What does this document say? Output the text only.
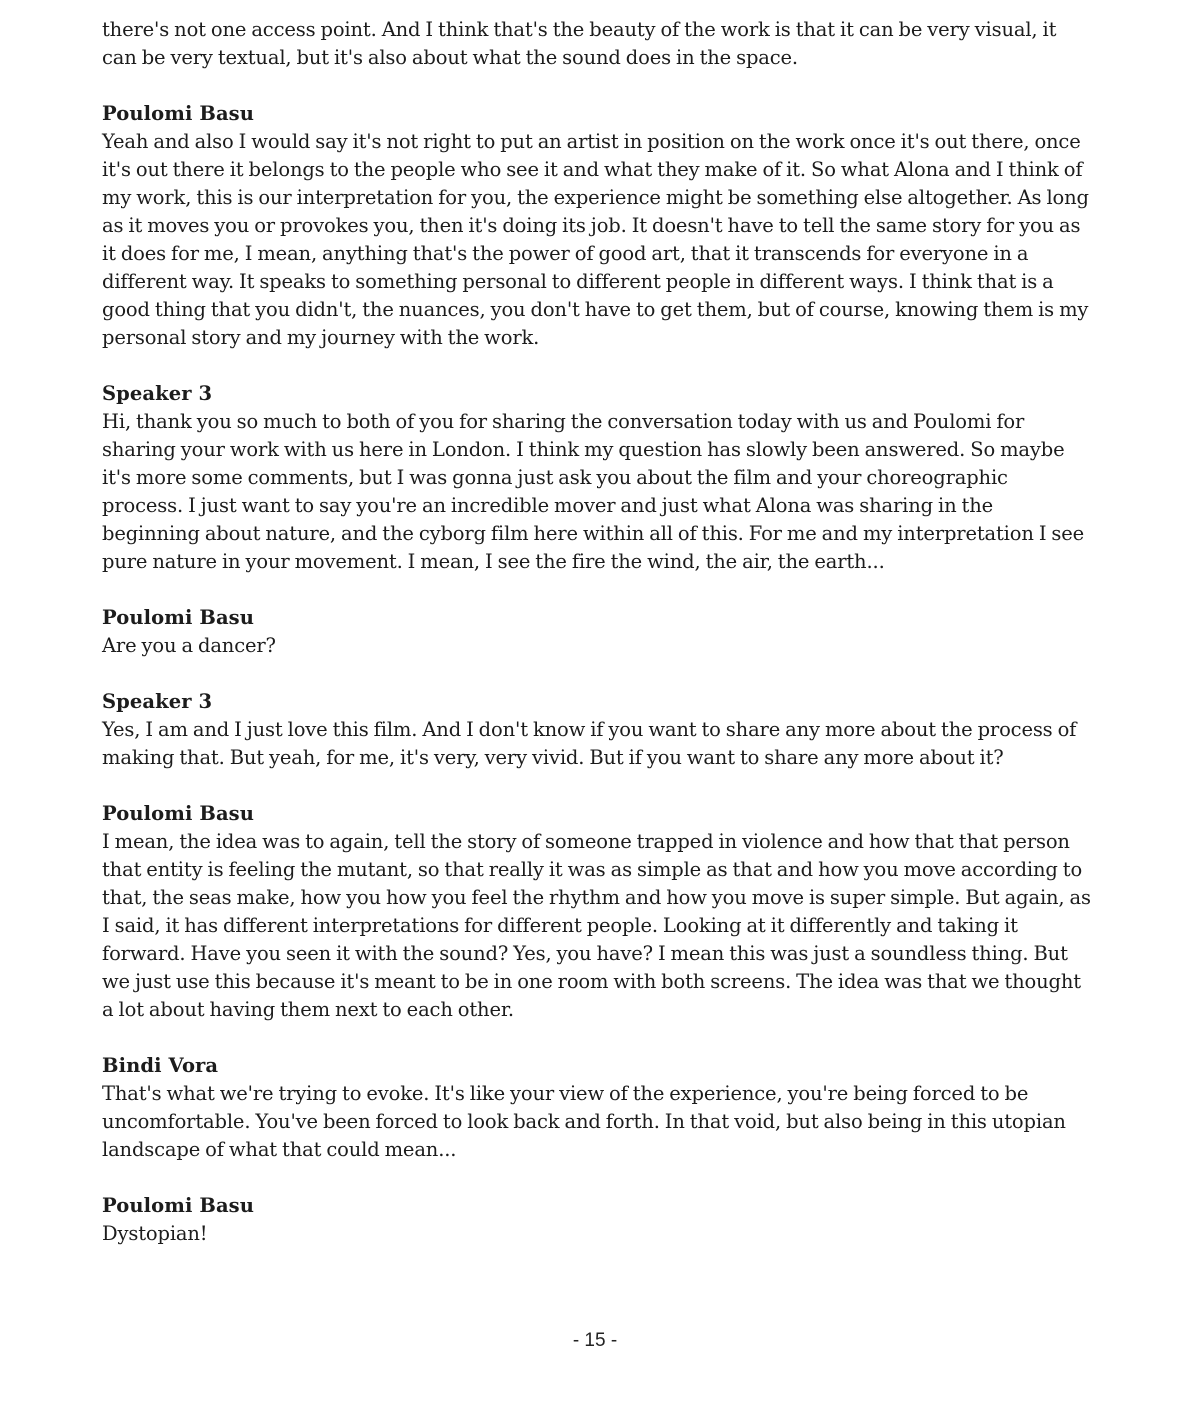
there's not one access point. And I think that's the beauty of the work is that it can be very visual, it can be very textual, but it's also about what the sound does in the space.

Poulomi Basu

Yeah and also I would say it's not right to put an artist in position on the work once it's out there, once it's out there it belongs to the people who see it and what they make of it. So what Alona and I think of my work, this is our interpretation for you, the experience might be something else altogether. As long as it moves you or provokes you, then it's doing its job. It doesn't have to tell the same story for you as it does for me, I mean, anything that's the power of good art, that it transcends for everyone in a different way. It speaks to something personal to different people in different ways. I think that is a good thing that you didn't, the nuances, you don't have to get them, but of course, knowing them is my personal story and my journey with the work.

Speaker 3

Hi, thank you so much to both of you for sharing the conversation today with us and Poulomi for sharing your work with us here in London. I think my question has slowly been answered. So maybe it's more some comments, but I was gonna just ask you about the film and your choreographic process. I just want to say you're an incredible mover and just what Alona was sharing in the beginning about nature, and the cyborg film here within all of this. For me and my interpretation I see pure nature in your movement. I mean, I see the fire the wind, the air, the earth...

Poulomi Basu

Are you a dancer?

Speaker 3

Yes, I am and I just love this film. And I don't know if you want to share any more about the process of making that. But yeah, for me, it's very, very vivid. But if you want to share any more about it?

Poulomi Basu

I mean, the idea was to again, tell the story of someone trapped in violence and how that that person that entity is feeling the mutant, so that really it was as simple as that and how you move according to that, the seas make, how you how you feel the rhythm and how you move is super simple. But again, as I said, it has different interpretations for different people. Looking at it differently and taking it forward. Have you seen it with the sound? Yes, you have? I mean this was just a soundless thing. But we just use this because it's meant to be in one room with both screens. The idea was that we thought a lot about having them next to each other.

Bindi Vora

That's what we're trying to evoke. It's like your view of the experience, you're being forced to be uncomfortable. You've been forced to look back and forth. In that void, but also being in this utopian landscape of what that could mean...

Poulomi Basu

Dystopian!

- 15 -
